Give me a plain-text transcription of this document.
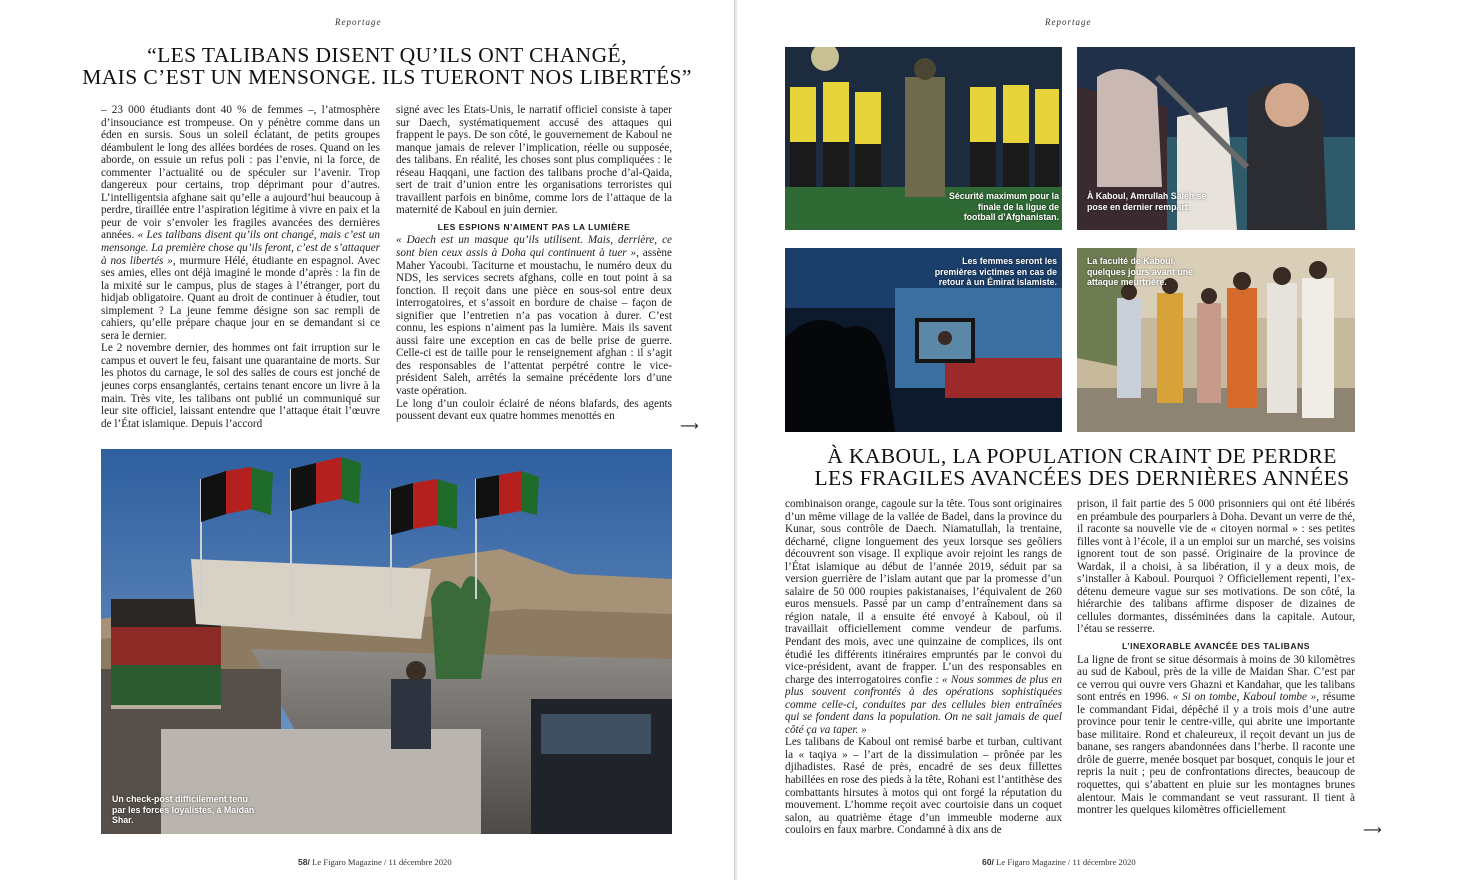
Reportage
“LES TALIBANS DISENT QU’ILS ONT CHANGÉ,
MAIS C’EST UN MENSONGE. ILS TUERONT NOS LIBERTÉS”

– 23 000 étudiants dont 40 % de femmes –, l’atmosphère d’insouciance est trompeuse. On y pénètre comme dans un éden en sursis. Sous un soleil éclatant, de petits groupes déambulent le long des allées bordées de roses. Quand on les aborde, on essuie un refus poli : pas l’envie, ni la force, de commenter l’actualité ou de spéculer sur l’avenir. Trop dangereux pour certains, trop déprimant pour d’autres. L’intelligentsia afghane sait qu’elle a aujourd’hui beaucoup à perdre, tiraillée entre l’aspiration légitime à vivre en paix et la peur de voir s’envoler les fragiles avancées des dernières années. « Les talibans disent qu’ils ont changé, mais c’est un mensonge. La première chose qu’ils feront, c’est de s’attaquer à nos libertés », murmure Hélé, étudiante en espagnol. Avec ses amies, elles ont déjà imaginé le monde d’après : la fin de la mixité sur le campus, plus de stages à l’étranger, port du hidjab obligatoire. Quant au droit de continuer à étudier, tout simplement ? La jeune femme désigne son sac rempli de cahiers, qu’elle prépare chaque jour en se demandant si ce sera le dernier.

Le 2 novembre dernier, des hommes ont fait irruption sur le campus et ouvert le feu, faisant une quarantaine de morts. Sur les photos du carnage, le sol des salles de cours est jonché de jeunes corps ensanglantés, certains tenant encore un livre à la main. Très vite, les talibans ont publié un communiqué sur leur site officiel, laissant entendre que l’attaque était l’œuvre de l’État islamique. Depuis l’accord

signé avec les États-Unis, le narratif officiel consiste à taper sur Daech, systématiquement accusé des attaques qui frappent le pays. De son côté, le gouvernement de Kaboul ne manque jamais de relever l’implication, réelle ou supposée, des talibans. En réalité, les choses sont plus compliquées : le réseau Haqqani, une faction des talibans proche d’al-Qaida, sert de trait d’union entre les organisations terroristes qui travaillent parfois en binôme, comme lors de l’attaque de la maternité de Kaboul en juin dernier.

LES ESPIONS N’AIMENT PAS LA LUMIÈRE

« Daech est un masque qu’ils utilisent. Mais, derrière, ce sont bien ceux assis à Doha qui continuent à tuer », assène Maher Yacoubi. Taciturne et moustachu, le numéro deux du NDS, les services secrets afghans, colle en tout point à sa fonction. Il reçoit dans une pièce en sous-sol entre deux interrogatoires, et s’assoit en bordure de chaise – façon de signifier que l’entretien n’a pas vocation à durer. C’est connu, les espions n’aiment pas la lumière. Mais ils savent aussi faire une exception en cas de belle prise de guerre. Celle-ci est de taille pour le renseignement afghan : il s’agit des responsables de l’attentat perpétré contre le vice-président Saleh, arrêtés la semaine précédente lors d’une vaste opération.

Le long d’un couloir éclairé de néons blafards, des agents poussent devant eux quatre hommes menottés en

⟶
Un check-post difficilement tenu par les forces loyalistes, à Maidan Shar.
58/ Le Figaro Magazine / 11 décembre 2020
Reportage
Sécurité maximum pour la finale de la ligue de football d’Afghanistan.
À Kaboul, Amrullah Saleh se pose en dernier rempart.
Les femmes seront les premières victimes en cas de retour à un Émirat islamiste.
La faculté de Kaboul, quelques jours avant une attaque meurtrière.
À KABOUL, LA POPULATION CRAINT DE PERDRE
LES FRAGILES AVANCÉES DES DERNIÈRES ANNÉES

combinaison orange, cagoule sur la tête. Tous sont originaires d’un même village de la vallée de Badel, dans la province du Kunar, sous contrôle de Daech. Niamatullah, la trentaine, décharné, cligne longuement des yeux lorsque ses geôliers découvrent son visage. Il explique avoir rejoint les rangs de l’État islamique au début de l’année 2019, séduit par sa version guerrière de l’islam autant que par la promesse d’un salaire de 50 000 roupies pakistanaises, l’équivalent de 260 euros mensuels. Passé par un camp d’entraînement dans sa région natale, il a ensuite été envoyé à Kaboul, où il travaillait officiellement comme vendeur de parfums. Pendant des mois, avec une quinzaine de complices, ils ont étudié les différents itinéraires empruntés par le convoi du vice-président, avant de frapper. L’un des responsables en charge des interrogatoires confie : « Nous sommes de plus en plus souvent confrontés à des opérations sophistiquées comme celle-ci, conduites par des cellules bien entraînées qui se fondent dans la population. On ne sait jamais de quel côté ça va taper. »

Les talibans de Kaboul ont remisé barbe et turban, cultivant la « taqiya » – l’art de la dissimulation – prônée par les djihadistes. Rasé de près, encadré de ses deux fillettes habillées en rose des pieds à la tête, Rohani est l’antithèse des combattants hirsutes à motos qui ont forgé la réputation du mouvement. L’homme reçoit avec courtoisie dans un coquet salon, au quatrième étage d’un immeuble moderne aux couloirs en faux marbre. Condamné à dix ans de

prison, il fait partie des 5 000 prisonniers qui ont été libérés en préambule des pourparlers à Doha. Devant un verre de thé, il raconte sa nouvelle vie de « citoyen normal » : ses petites filles vont à l’école, il a un emploi sur un marché, ses voisins ignorent tout de son passé. Originaire de la province de Wardak, il a choisi, à sa libération, il y a deux mois, de s’installer à Kaboul. Pourquoi ? Officiellement repenti, l’ex-détenu demeure vague sur ses motivations. De son côté, la hiérarchie des talibans affirme disposer de dizaines de cellules dormantes, disséminées dans la capitale. Autour, l’étau se resserre.

L’INEXORABLE AVANCÉE DES TALIBANS

La ligne de front se situe désormais à moins de 30 kilomètres au sud de Kaboul, près de la ville de Maidan Shar. C’est par ce verrou qui ouvre vers Ghazni et Kandahar, que les talibans sont entrés en 1996. « Si on tombe, Kaboul tombe », résume le commandant Fidai, dépêché il y a trois mois d’une autre province pour tenir le centre-ville, qui abrite une importante base militaire. Rond et chaleureux, il reçoit devant un jus de banane, ses rangers abandonnées dans l’herbe. Il raconte une drôle de guerre, menée bosquet par bosquet, conquis le jour et repris la nuit ; peu de confrontations directes, beaucoup de roquettes, qui s’abattent en pluie sur les montagnes brunes alentour. Mais le commandant se veut rassurant. Il tient à montrer les quelques kilomètres officiellement

⟶
60/ Le Figaro Magazine / 11 décembre 2020
